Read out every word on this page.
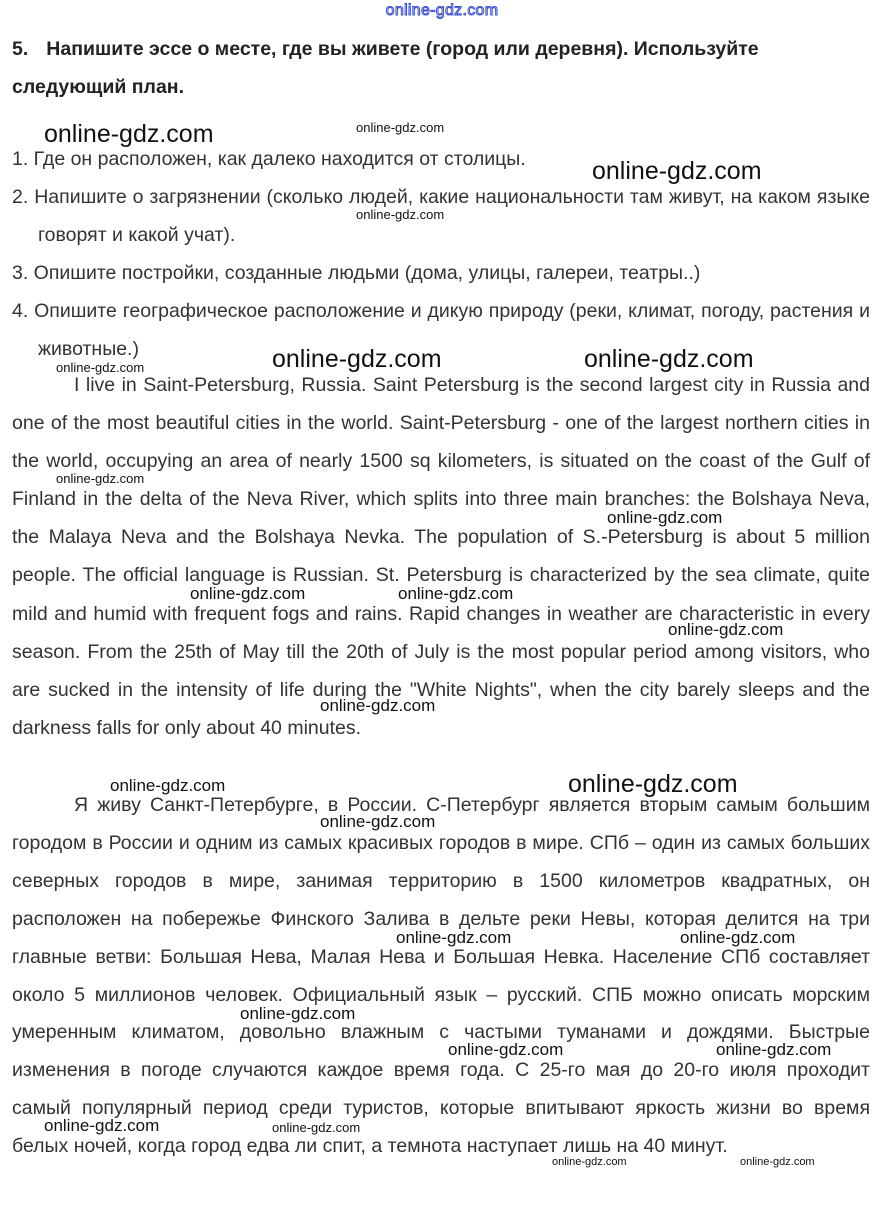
online-gdz.com
5. Напишите эссе о месте, где вы живете (город или деревня). Используйте следующий план.
1. Где он расположен, как далеко находится от столицы.
2. Напишите о загрязнении (сколько людей, какие национальности там живут, на каком языке говорят и какой учат).
3. Опишите постройки, созданные людьми (дома, улицы, галереи, театры..)
4. Опишите географическое расположение и дикую природу (реки, климат, погоду, растения и животные.)
I live in Saint-Petersburg, Russia. Saint Petersburg is the second largest city in Russia and one of the most beautiful cities in the world. Saint-Petersburg - one of the largest northern cities in the world, occupying an area of nearly 1500 sq kilometers, is situated on the coast of the Gulf of Finland in the delta of the Neva River, which splits into three main branches: the Bolshaya Neva, the Malaya Neva and the Bolshaya Nevka. The population of S.-Petersburg is about 5 million people. The official language is Russian. St. Petersburg is characterized by the sea climate, quite mild and humid with frequent fogs and rains. Rapid changes in weather are characteristic in every season. From the 25th of May till the 20th of July is the most popular period among visitors, who are sucked in the intensity of life during the "White Nights", when the city barely sleeps and the darkness falls for only about 40 minutes.
Я живу Санкт-Петербурге, в России. С-Петербург является вторым самым большим городом в России и одним из самых красивых городов в мире. СПб – один из самых больших северных городов в мире, занимая территорию в 1500 километров квадратных, он расположен на побережье Финского Залива в дельте реки Невы, которая делится на три главные ветви: Большая Нева, Малая Нева и Большая Невка. Население СПб составляет около 5 миллионов человек. Официальный язык – русский. СПБ можно описать морским умеренным климатом, довольно влажным с частыми туманами и дождями. Быстрые изменения в погоде случаются каждое время года. С 25-го мая до 20-го июля проходит самый популярный период среди туристов, которые впитывают яркость жизни во время белых ночей, когда город едва ли спит, а темнота наступает лишь на 40 минут.
online-gdz.com	online-gdz.com
online-gdz.com
online-gdz.com
online-gdz.com	online-gdz.com
online-gdz.com
online-gdz.com
online-gdz.com
online-gdz.com	online-gdz.com
online-gdz.com
online-gdz.com
online-gdz.com	online-gdz.com
online-gdz.com
online-gdz.com	online-gdz.com
online-gdz.com
online-gdz.com	online-gdz.com
online-gdz.com	online-gdz.com
online-gdz.com	online-gdz.com
